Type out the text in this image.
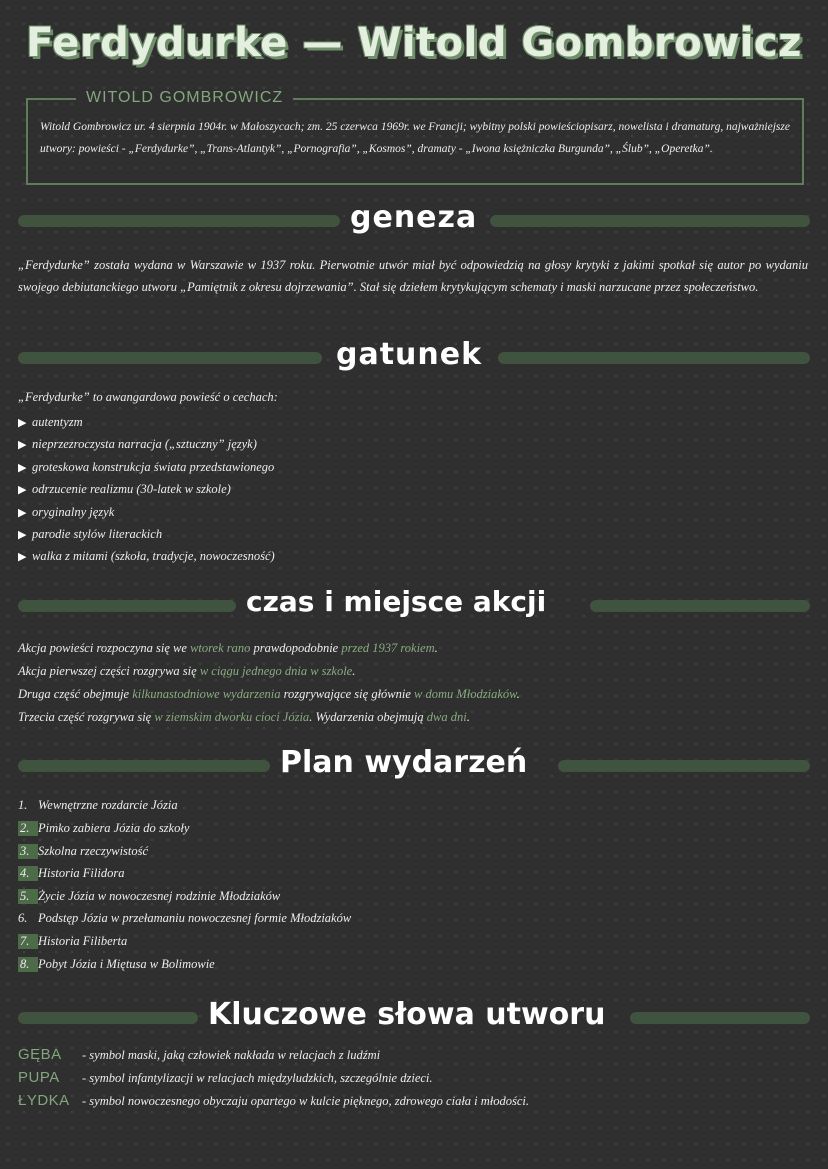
Ferdydurke — Witold Gombrowicz
WITOLD GOMBROWICZ
Witold Gombrowicz ur. 4 sierpnia 1904r. w Małoszycach; zm. 25 czerwca 1969r. we Francji; wybitny polski powieściopisarz, nowelista i dramaturg, najważniejsze utwory: powieści - „Ferdydurke”, „Trans-Atlantyk”, „Pornografia”, „Kosmos”, dramaty - „Iwona księżniczka Burgunda”, „Ślub”, „Operetka”.
geneza
„Ferdydurke” została wydana w Warszawie w 1937 roku. Pierwotnie utwór miał być odpowiedzią na głosy krytyki z jakimi spotkał się autor po wydaniu swojego debiutanckiego utworu „Pamiętnik z okresu dojrzewania”. Stał się dziełem krytykującym schematy i maski narzucane przez społeczeństwo.
gatunek
„Ferdydurke” to awangardowa powieść o cechach:
▶ autentyzm
▶ nieprzezroczysta narracja („sztuczny” język)
▶ groteskowa konstrukcja świata przedstawionego
▶ odrzucenie realizmu (30-latek w szkole)
▶ oryginalny język
▶ parodie stylów literackich
▶ walka z mitami (szkoła, tradycje, nowoczesność)
czas i miejsce akcji
Akcja powieści rozpoczyna się we wtorek rano prawdopodobnie przed 1937 rokiem.
Akcja pierwszej części rozgrywa się w ciągu jednego dnia w szkole.
Druga część obejmuje kilkunastodniowe wydarzenia rozgrywające się głównie w domu Młodziaków.
Trzecia część rozgrywa się w ziemskim dworku cioci Józia. Wydarzenia obejmują dwa dni.
Plan wydarzeń
1. Wewnętrzne rozdarcie Józia
2. Pimko zabiera Józia do szkoły
3. Szkolna rzeczywistość
4. Historia Filidora
5. Życie Józia w nowoczesnej rodzinie Młodziaków
6. Podstęp Józia w przełamaniu nowoczesnej formie Młodziaków
7. Historia Filiberta
8. Pobyt Józia i Miętusa w Bolimowie
Kluczowe słowa utworu
GĘBA - symbol maski, jaką człowiek nakłada w relacjach z ludźmi
PUPA - symbol infantylizacji w relacjach międzyludzkich, szczególnie dzieci.
ŁYDKA - symbol nowoczesnego obyczaju opartego w kulcie pięknego, zdrowego ciała i młodości.
